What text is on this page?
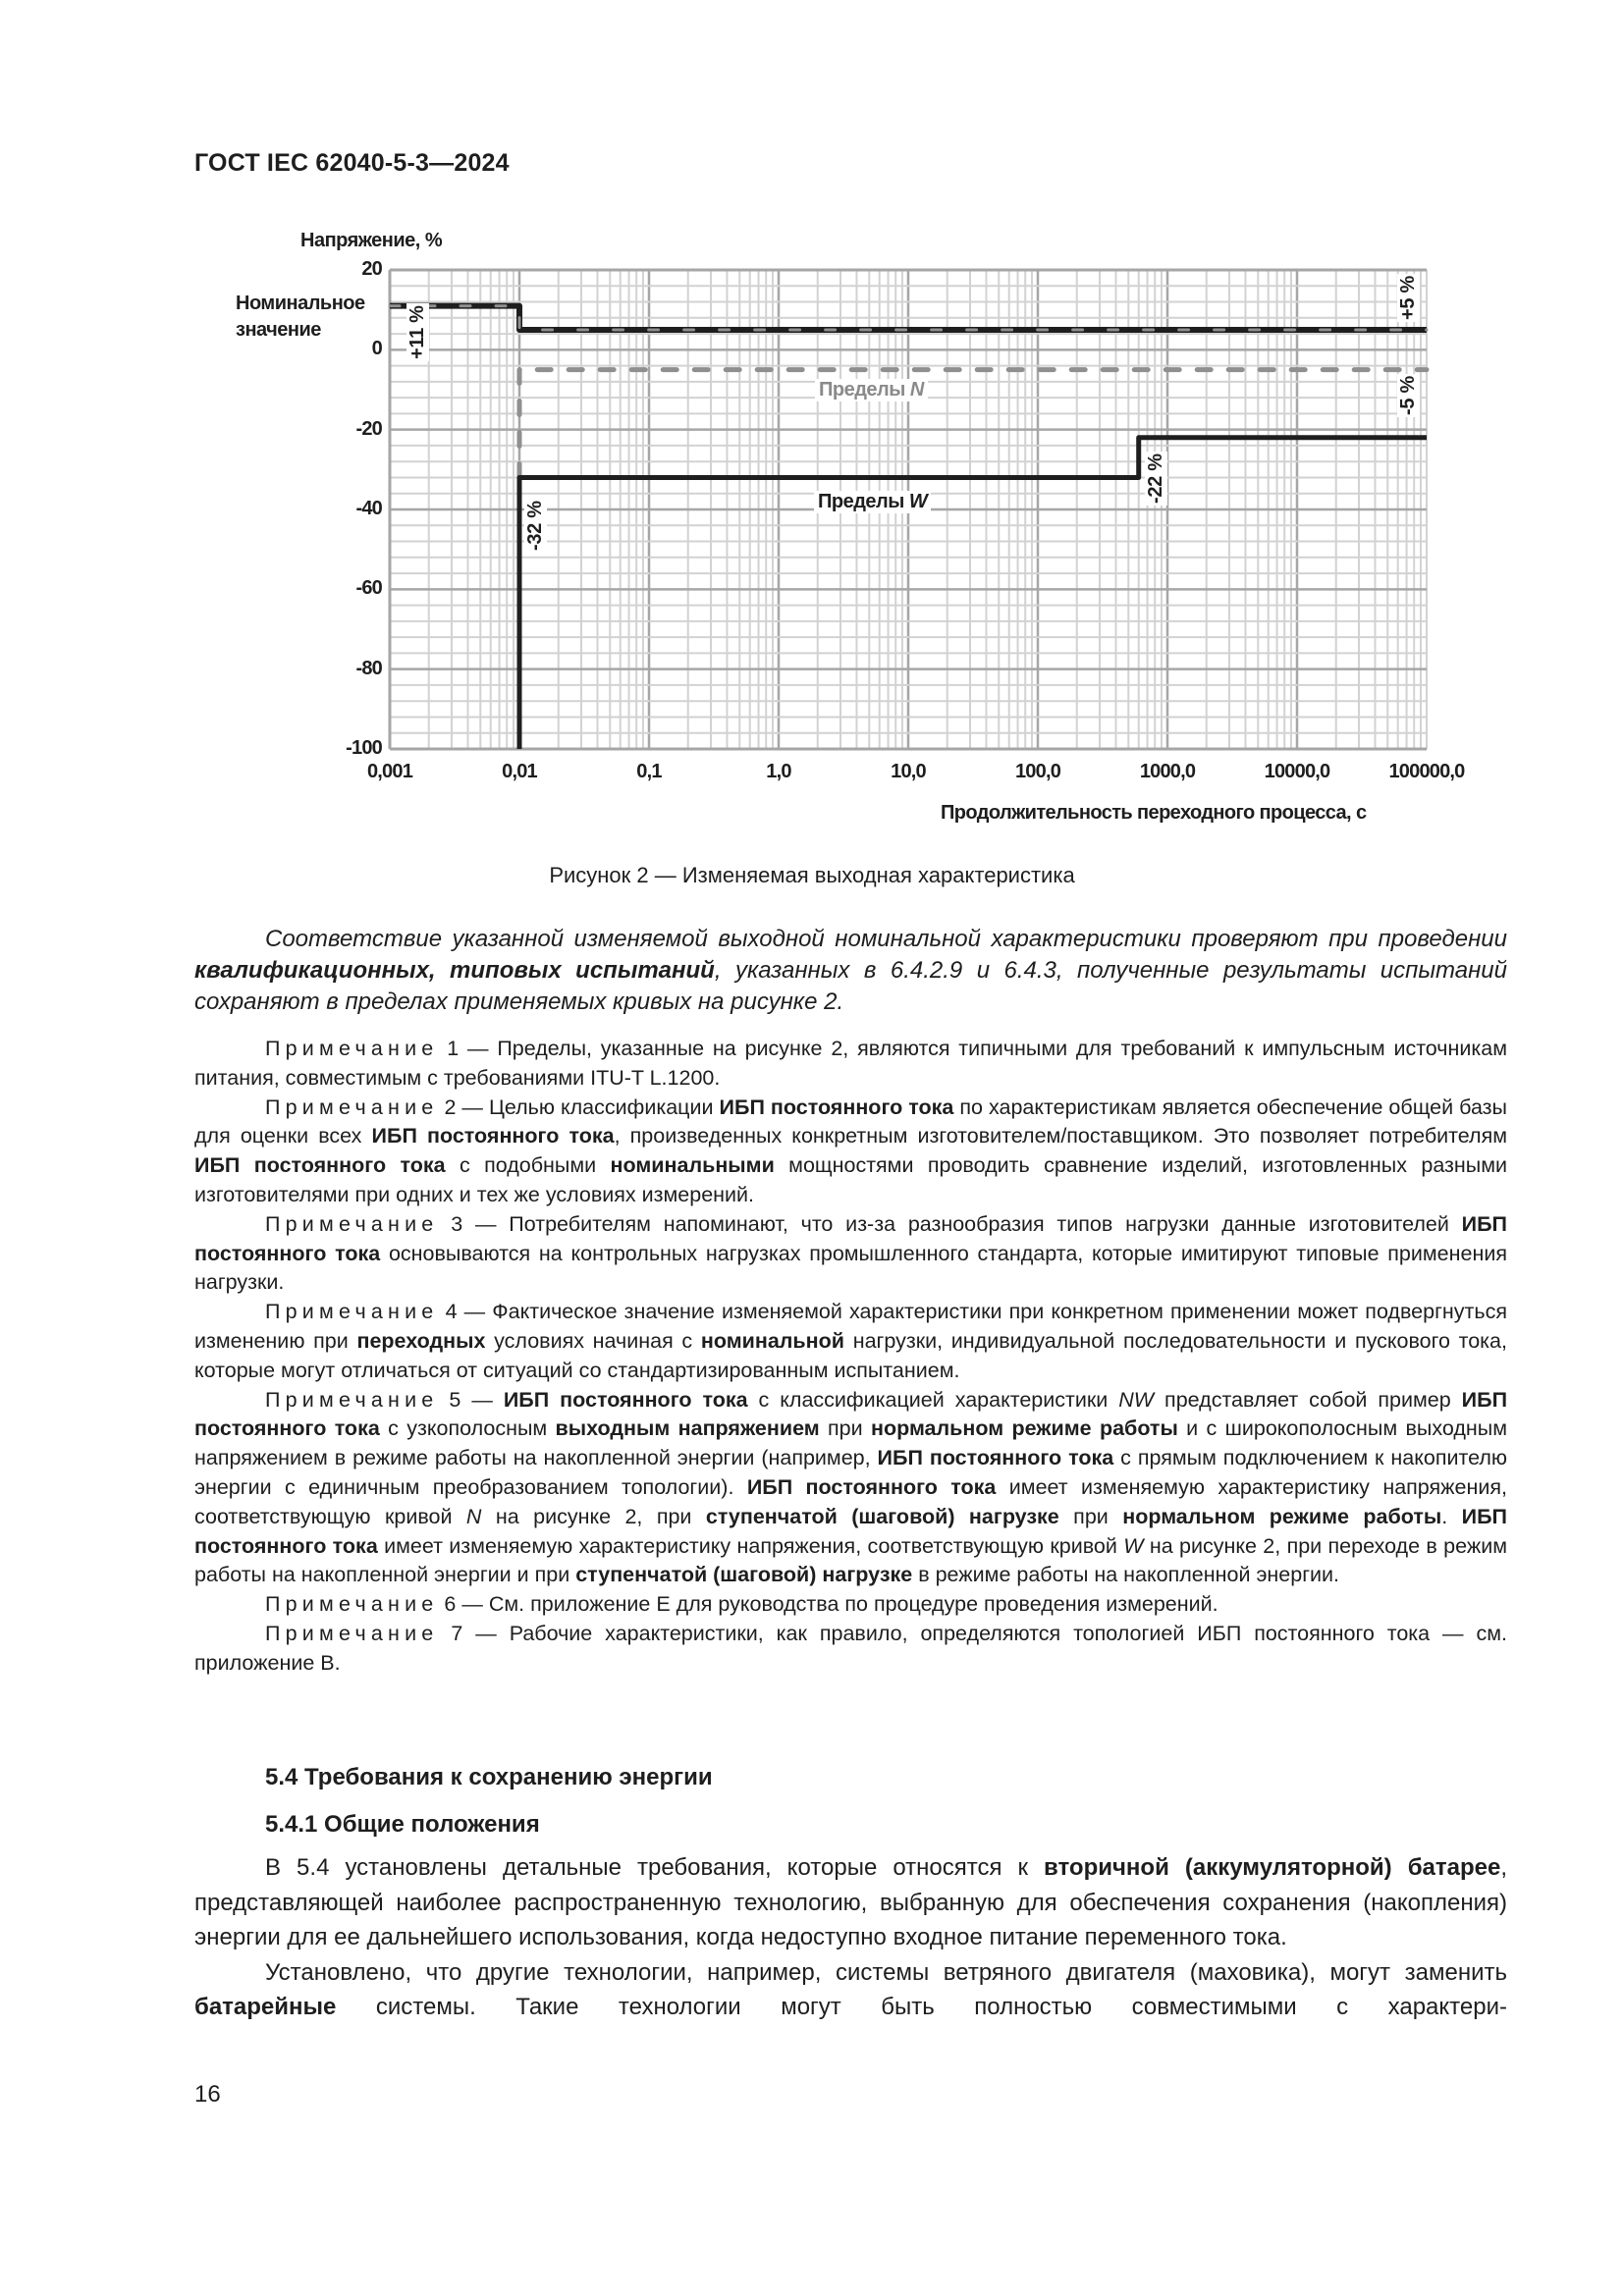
ГОСТ IEC 62040-5-3—2024
Напряжение, %
Номинальное
значение
20
0
-20
-40
-60
-80
-100
0,001	0,01	0,1	1,0	10,0	100,0	1000,0	10000,0	100000,0
+11 %
+5 %
-5 %
-32 %
-22 %
Пределы N
Пределы W
Продолжительность переходного процесса, с
Рисунок 2 — Изменяемая выходная характеристика
Соответствие указанной изменяемой выходной номинальной характеристики проверяют при проведении квалификационных, типовых испытаний, указанных в 6.4.2.9 и 6.4.3, полученные результаты испытаний сохраняют в пределах применяемых кривых на рисунке 2.

Примечание 1 — Пределы, указанные на рисунке 2, являются типичными для требований к импульсным источникам питания, совместимым с требованиями ITU-T L.1200.

Примечание 2 — Целью классификации ИБП постоянного тока по характеристикам является обеспечение общей базы для оценки всех ИБП постоянного тока, произведенных конкретным изготовителем/поставщиком. Это позволяет потребителям ИБП постоянного тока с подобными номинальными мощностями проводить сравнение изделий, изготовленных разными изготовителями при одних и тех же условиях измерений.

Примечание 3 — Потребителям напоминают, что из-за разнообразия типов нагрузки данные изготовителей ИБП постоянного тока основываются на контрольных нагрузках промышленного стандарта, которые имитируют типовые применения нагрузки.

Примечание 4 — Фактическое значение изменяемой характеристики при конкретном применении может подвергнуться изменению при переходных условиях начиная с номинальной нагрузки, индивидуальной последовательности и пускового тока, которые могут отличаться от ситуаций со стандартизированным испытанием.

Примечание 5 — ИБП постоянного тока с классификацией характеристики NW представляет собой пример ИБП постоянного тока с узкополосным выходным напряжением при нормальном режиме работы и с широкополосным выходным напряжением в режиме работы на накопленной энергии (например, ИБП постоянного тока с прямым подключением к накопителю энергии с единичным преобразованием топологии). ИБП постоянного тока имеет изменяемую характеристику напряжения, соответствующую кривой N на рисунке 2, при ступенчатой (шаговой) нагрузке при нормальном режиме работы. ИБП постоянного тока имеет изменяемую характеристику напряжения, соответствующую кривой W на рисунке 2, при переходе в режим работы на накопленной энергии и при ступенчатой (шаговой) нагрузке в режиме работы на накопленной энергии.

Примечание 6 — См. приложение E для руководства по процедуре проведения измерений.

Примечание 7 — Рабочие характеристики, как правило, определяются топологией ИБП постоянного тока — см. приложение B.

5.4 Требования к сохранению энергии
5.4.1 Общие положения

В 5.4 установлены детальные требования, которые относятся к вторичной (аккумуляторной) батарее, представляющей наиболее распространенную технологию, выбранную для обеспечения сохранения (накопления) энергии для ее дальнейшего использования, когда недоступно входное питание переменного тока.

Установлено, что другие технологии, например, системы ветряного двигателя (маховика), могут заменить батарейные системы. Такие технологии могут быть полностью совместимыми с характери-

16
